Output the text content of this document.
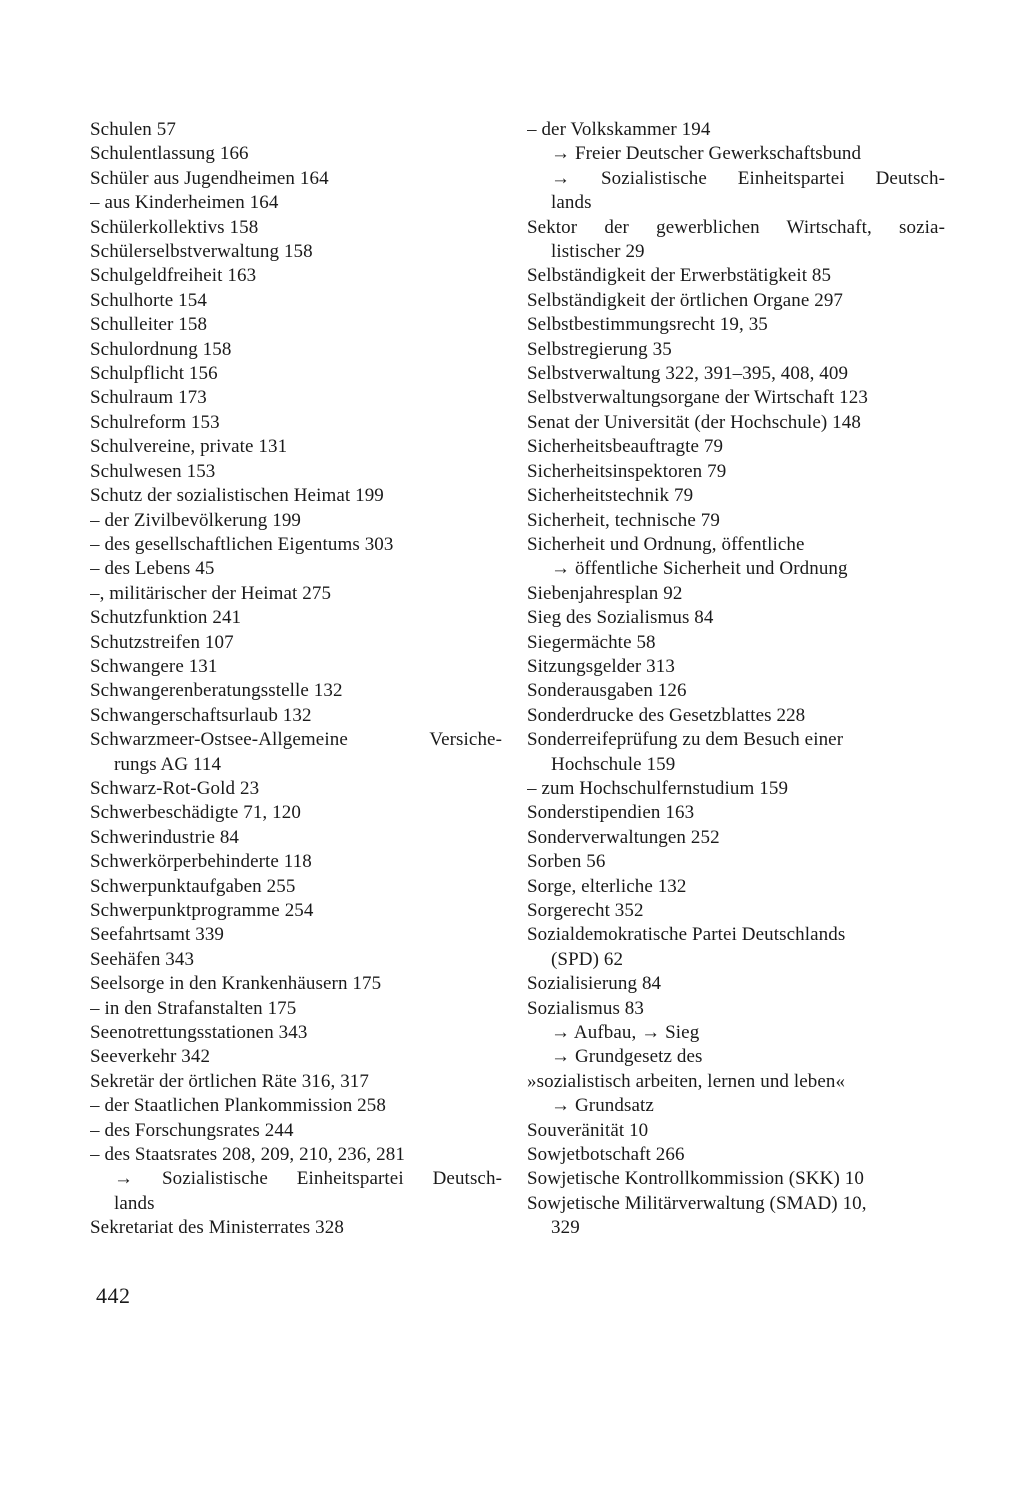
Schulen 57
Schulentlassung 166
Schüler aus Jugendheimen 164
– aus Kinderheimen 164
Schülerkollektivs 158
Schülerselbstverwaltung 158
Schulgeldfreiheit 163
Schulhorte 154
Schulleiter 158
Schulordnung 158
Schulpflicht 156
Schulraum 173
Schulreform 153
Schulvereine, private 131
Schulwesen 153
Schutz der sozialistischen Heimat 199
– der Zivilbevölkerung 199
– des gesellschaftlichen Eigentums 303
– des Lebens 45
–, militärischer der Heimat 275
Schutzfunktion 241
Schutzstreifen 107
Schwangere 131
Schwangerenberatungsstelle 132
Schwangerschaftsurlaub 132
Schwarzmeer-Ostsee-Allgemeine Versiche-
rungs AG 114
Schwarz-Rot-Gold 23
Schwerbeschädigte 71, 120
Schwerindustrie 84
Schwerkörperbehinderte 118
Schwerpunktaufgaben 255
Schwerpunktprogramme 254
Seefahrtsamt 339
Seehäfen 343
Seelsorge in den Krankenhäusern 175
– in den Strafanstalten 175
Seenotrettungsstationen 343
Seeverkehr 342
Sekretär der örtlichen Räte 316, 317
– der Staatlichen Plankommission 258
– des Forschungsrates 244
– des Staatsrates 208, 209, 210, 236, 281
→ Sozialistische Einheitspartei Deutsch-
lands
Sekretariat des Ministerrates 328
– der Volkskammer 194
→ Freier Deutscher Gewerkschaftsbund
→ Sozialistische Einheitspartei Deutsch-
lands
Sektor der gewerblichen Wirtschaft, sozia-
listischer 29
Selbständigkeit der Erwerbstätigkeit 85
Selbständigkeit der örtlichen Organe 297
Selbstbestimmungsrecht 19, 35
Selbstregierung 35
Selbstverwaltung 322, 391–395, 408, 409
Selbstverwaltungsorgane der Wirtschaft 123
Senat der Universität (der Hochschule) 148
Sicherheitsbeauftragte 79
Sicherheitsinspektoren 79
Sicherheitstechnik 79
Sicherheit, technische 79
Sicherheit und Ordnung, öffentliche
→ öffentliche Sicherheit und Ordnung
Siebenjahresplan 92
Sieg des Sozialismus 84
Siegermächte 58
Sitzungsgelder 313
Sonderausgaben 126
Sonderdrucke des Gesetzblattes 228
Sonderreifeprüfung zu dem Besuch einer
Hochschule 159
– zum Hochschulfernstudium 159
Sonderstipendien 163
Sonderverwaltungen 252
Sorben 56
Sorge, elterliche 132
Sorgerecht 352
Sozialdemokratische Partei Deutschlands
(SPD) 62
Sozialisierung 84
Sozialismus 83
→ Aufbau, → Sieg
→ Grundgesetz des
»sozialistisch arbeiten, lernen und leben«
→ Grundsatz
Souveränität 10
Sowjetbotschaft 266
Sowjetische Kontrollkommission (SKK) 10
Sowjetische Militärverwaltung (SMAD) 10,
329
442
